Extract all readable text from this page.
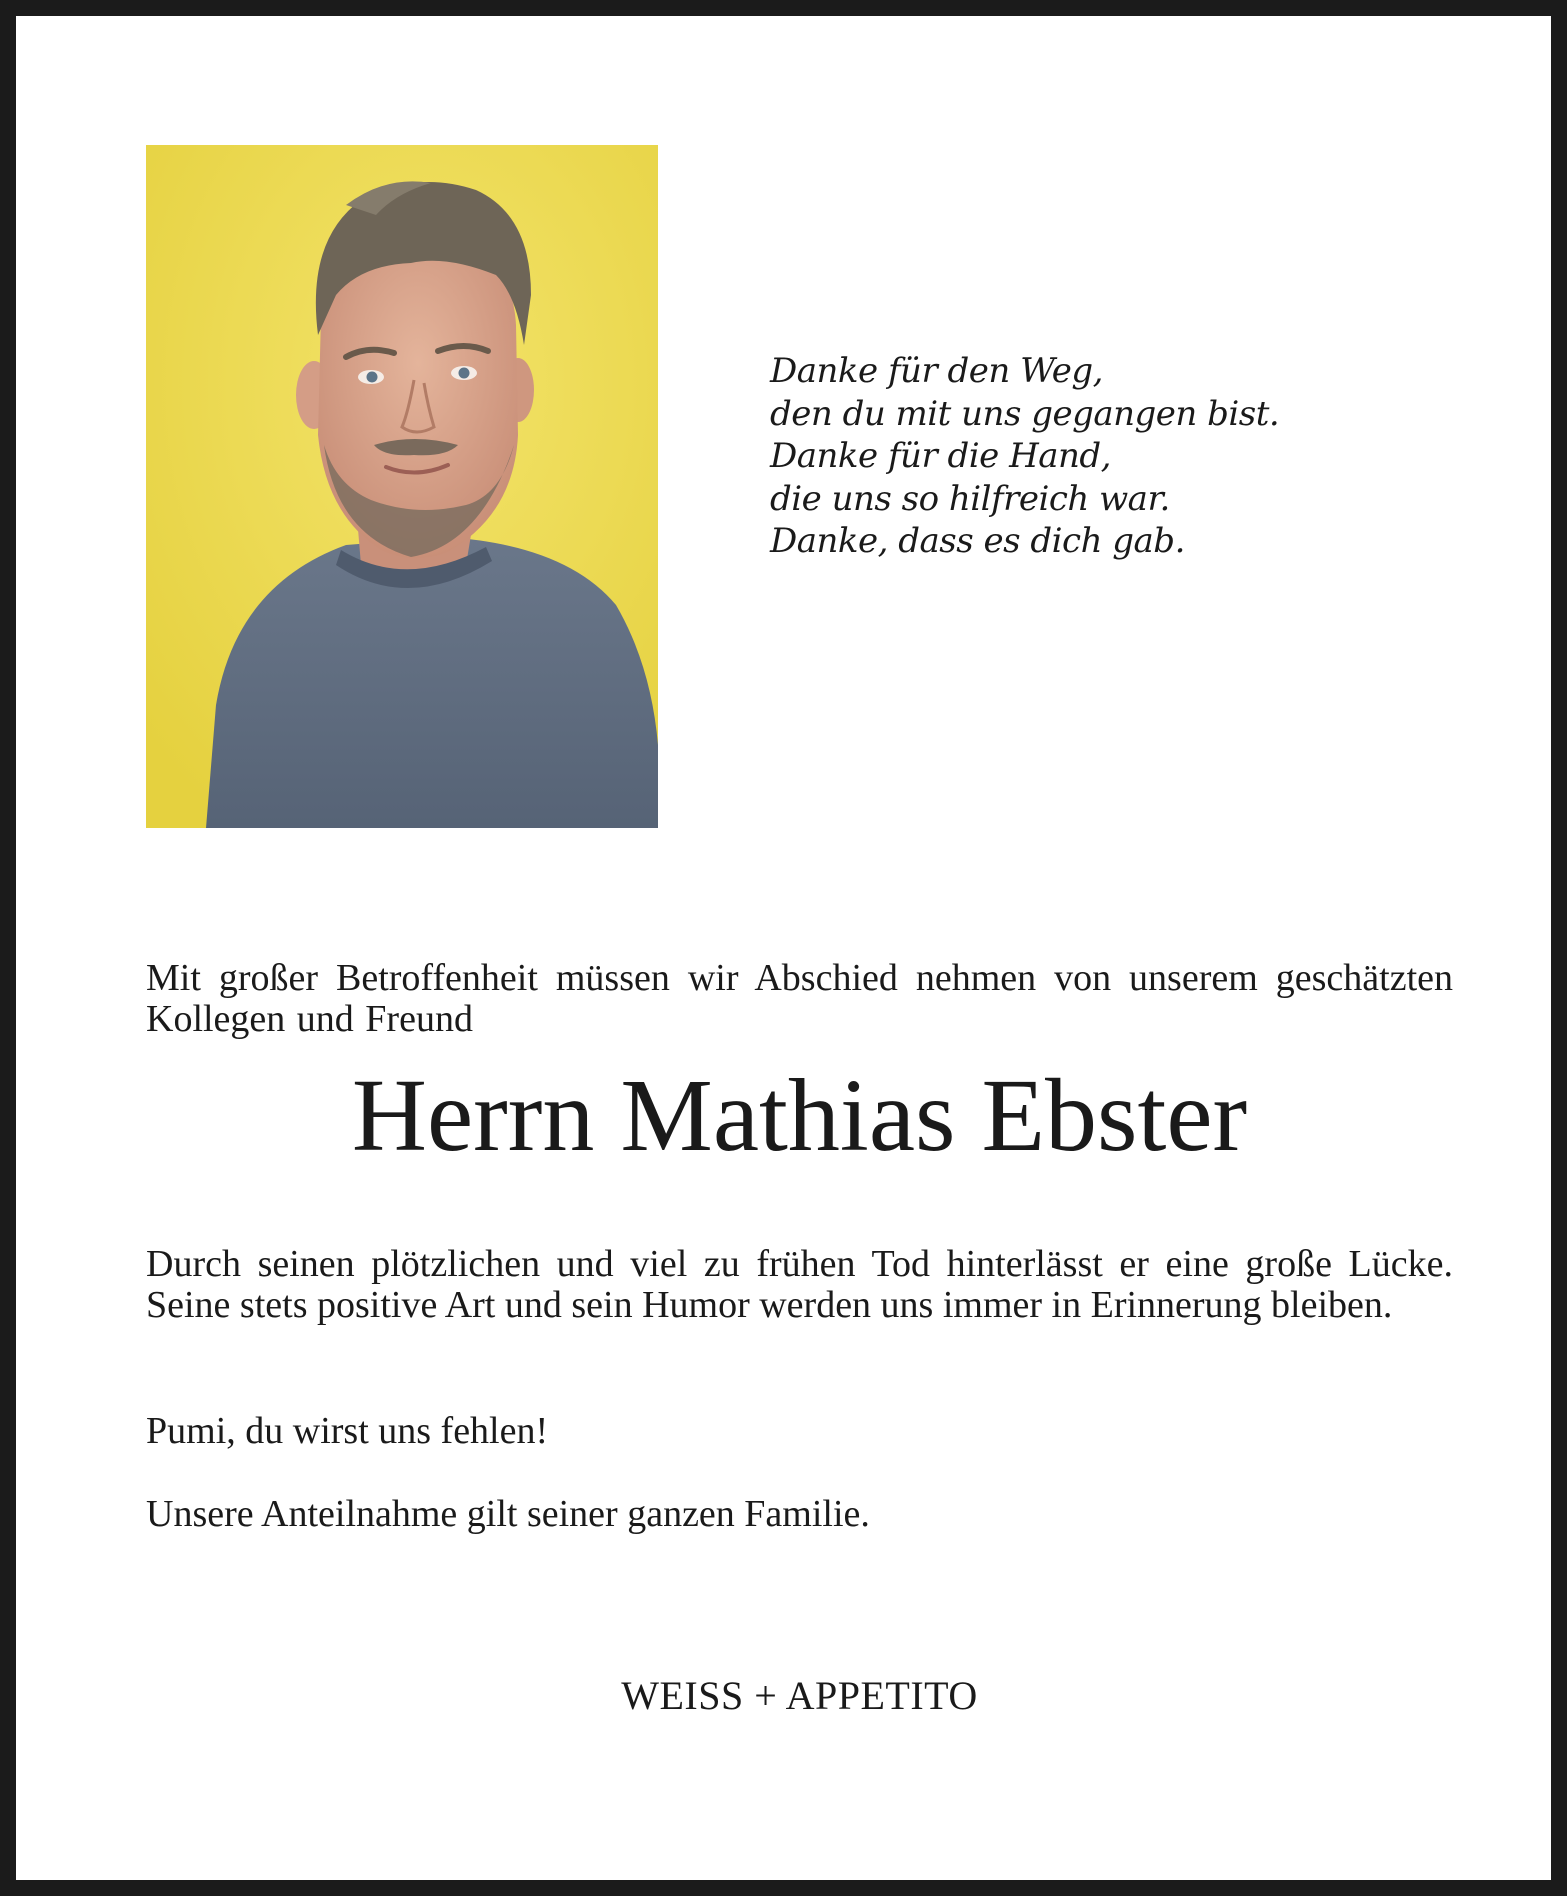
Danke für den Weg,
den du mit uns gegangen bist.
Danke für die Hand,
die uns so hilfreich war.
Danke, dass es dich gab.

Mit großer Betroffenheit müssen wir Abschied nehmen von unserem geschätzten Kollegen und Freund

Herrn Mathias Ebster

Durch seinen plötzlichen und viel zu frühen Tod hinterlässt er eine große Lücke. Seine stets positive Art und sein Humor werden uns immer in Erinnerung bleiben.

Pumi, du wirst uns fehlen!

Unsere Anteilnahme gilt seiner ganzen Familie.

WEISS + APPETITO
